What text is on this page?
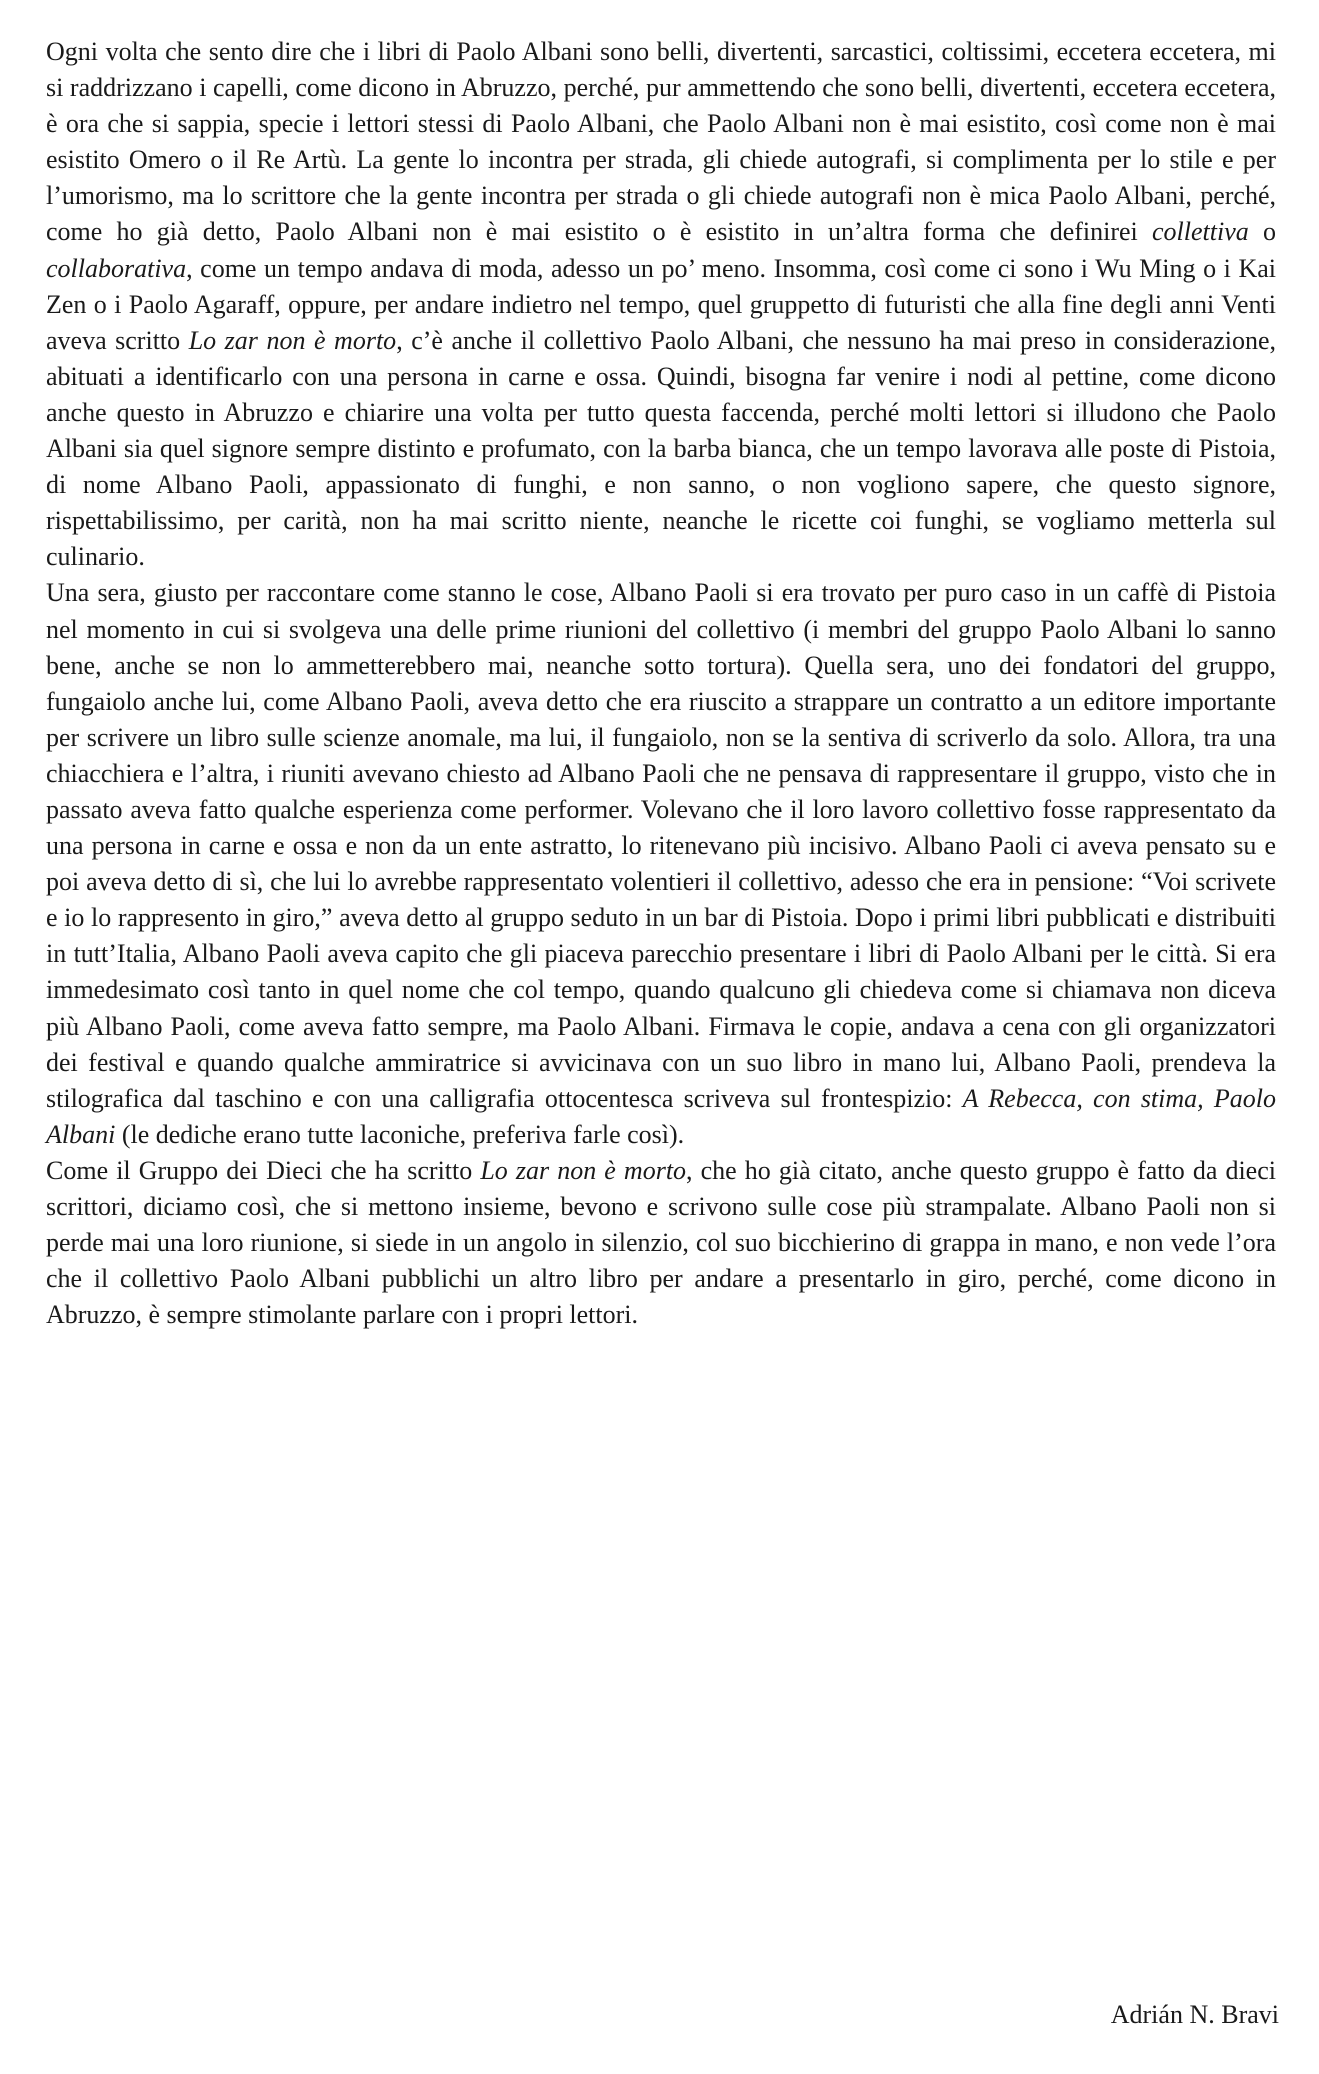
Ogni volta che sento dire che i libri di Paolo Albani sono belli, divertenti, sarcastici, coltissimi, eccetera eccetera, mi si raddrizzano i capelli, come dicono in Abruzzo, perché, pur ammettendo che sono belli, divertenti, eccetera eccetera, è ora che si sappia, specie i lettori stessi di Paolo Albani, che Paolo Albani non è mai esistito, così come non è mai esistito Omero o il Re Artù. La gente lo incontra per strada, gli chiede autografi, si complimenta per lo stile e per l’umorismo, ma lo scrittore che la gente incontra per strada o gli chiede autografi non è mica Paolo Albani, perché, come ho già detto, Paolo Albani non è mai esistito o è esistito in un’altra forma che definirei collettiva o collaborativa, come un tempo andava di moda, adesso un po’ meno. Insomma, così come ci sono i Wu Ming o i Kai Zen o i Paolo Agaraff, oppure, per andare indietro nel tempo, quel gruppetto di futuristi che alla fine degli anni Venti aveva scritto Lo zar non è morto, c’è anche il collettivo Paolo Albani, che nessuno ha mai preso in considerazione, abituati a identificarlo con una persona in carne e ossa. Quindi, bisogna far venire i nodi al pettine, come dicono anche questo in Abruzzo e chiarire una volta per tutto questa faccenda, perché molti lettori si illudono che Paolo Albani sia quel signore sempre distinto e profumato, con la barba bianca, che un tempo lavorava alle poste di Pistoia, di nome Albano Paoli, appassionato di funghi, e non sanno, o non vogliono sapere, che questo signore, rispettabilissimo, per carità, non ha mai scritto niente, neanche le ricette coi funghi, se vogliamo metterla sul culinario.

Una sera, giusto per raccontare come stanno le cose, Albano Paoli si era trovato per puro caso in un caffè di Pistoia nel momento in cui si svolgeva una delle prime riunioni del collettivo (i membri del gruppo Paolo Albani lo sanno bene, anche se non lo ammetterebbero mai, neanche sotto tortura). Quella sera, uno dei fondatori del gruppo, fungaiolo anche lui, come Albano Paoli, aveva detto che era riuscito a strappare un contratto a un editore importante per scrivere un libro sulle scienze anomale, ma lui, il fungaiolo, non se la sentiva di scriverlo da solo. Allora, tra una chiacchiera e l’altra, i riuniti avevano chiesto ad Albano Paoli che ne pensava di rappresentare il gruppo, visto che in passato aveva fatto qualche esperienza come performer. Volevano che il loro lavoro collettivo fosse rappresentato da una persona in carne e ossa e non da un ente astratto, lo ritenevano più incisivo. Albano Paoli ci aveva pensato su e poi aveva detto di sì, che lui lo avrebbe rappresentato volentieri il collettivo, adesso che era in pensione: “Voi scrivete e io lo rappresento in giro,” aveva detto al gruppo seduto in un bar di Pistoia. Dopo i primi libri pubblicati e distribuiti in tutt’Italia, Albano Paoli aveva capito che gli piaceva parecchio presentare i libri di Paolo Albani per le città. Si era immedesimato così tanto in quel nome che col tempo, quando qualcuno gli chiedeva come si chiamava non diceva più Albano Paoli, come aveva fatto sempre, ma Paolo Albani. Firmava le copie, andava a cena con gli organizzatori dei festival e quando qualche ammiratrice si avvicinava con un suo libro in mano lui, Albano Paoli, prendeva la stilografica dal taschino e con una calligrafia ottocentesca scriveva sul frontespizio: A Rebecca, con stima, Paolo Albani (le dediche erano tutte laconiche, preferiva farle così).

Come il Gruppo dei Dieci che ha scritto Lo zar non è morto, che ho già citato, anche questo gruppo è fatto da dieci scrittori, diciamo così, che si mettono insieme, bevono e scrivono sulle cose più strampalate. Albano Paoli non si perde mai una loro riunione, si siede in un angolo in silenzio, col suo bicchierino di grappa in mano, e non vede l’ora che il collettivo Paolo Albani pubblichi un altro libro per andare a presentarlo in giro, perché, come dicono in Abruzzo, è sempre stimolante parlare con i propri lettori.

Adrián N. Bravi
